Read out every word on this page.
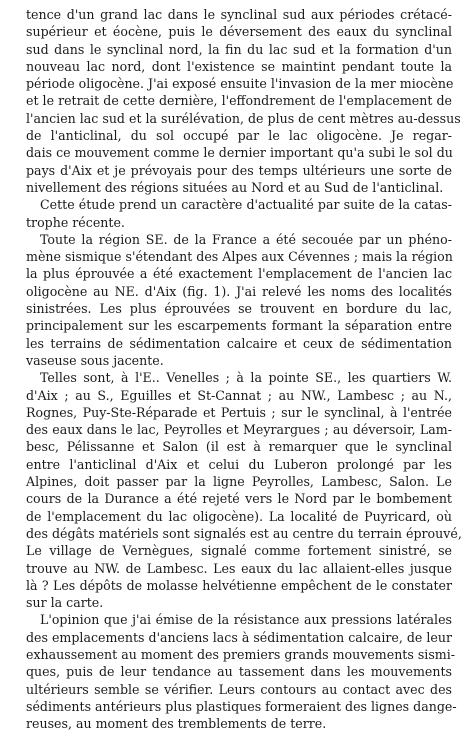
tence d'un grand lac dans le synclinal sud aux périodes crétacé-
supérieur et éocène, puis le déversement des eaux du synclinal
sud dans le synclinal nord, la fin du lac sud et la formation d'un
nouveau lac nord, dont l'existence se maintint pendant toute la
période oligocène. J'ai exposé ensuite l'invasion de la mer miocène
et le retrait de cette dernière, l'effondrement de l'emplacement de
l'ancien lac sud et la surélévation, de plus de cent mètres au-dessus
de l'anticlinal, du sol occupé par le lac oligocène. Je regar-
dais ce mouvement comme le dernier important qu'a subi le sol du
pays d'Aix et je prévoyais pour des temps ultérieurs une sorte de
nivellement des régions situées au Nord et au Sud de l'anticlinal.

Cette étude prend un caractère d'actualité par suite de la catas-
trophe récente.

Toute la région SE. de la France a été secouée par un phéno-
mène sismique s'étendant des Alpes aux Cévennes ; mais la région
la plus éprouvée a été exactement l'emplacement de l'ancien lac
oligocène au NE. d'Aix (fig. 1). J'ai relevé les noms des localités
sinistrées. Les plus éprouvées se trouvent en bordure du lac,
principalement sur les escarpements formant la séparation entre
les terrains de sédimentation calcaire et ceux de sédimentation
vaseuse sous jacente.

Telles sont, à l'E.. Venelles ; à la pointe SE., les quartiers W.
d'Aix ; au S., Eguilles et St-Cannat ; au NW., Lambesc ; au N.,
Rognes, Puy-Ste-Réparade et Pertuis ; sur le synclinal, à l'entrée
des eaux dans le lac, Peyrolles et Meyrargues ; au déversoir, Lam-
besc, Pélissanne et Salon (il est à remarquer que le synclinal
entre l'anticlinal d'Aix et celui du Luberon prolongé par les
Alpines, doit passer par la ligne Peyrolles, Lambesc, Salon. Le
cours de la Durance a été rejeté vers le Nord par le bombement
de l'emplacement du lac oligocène). La localité de Puyricard, où
des dégâts matériels sont signalés est au centre du terrain éprouvé,
Le village de Vernègues, signalé comme fortement sinistré, se
trouve au NW. de Lambesc. Les eaux du lac allaient-elles jusque
là ? Les dépôts de molasse helvétienne empêchent de le constater
sur la carte.

L'opinion que j'ai émise de la résistance aux pressions latérales
des emplacements d'anciens lacs à sédimentation calcaire, de leur
exhaussement au moment des premiers grands mouvements sismi-
ques, puis de leur tendance au tassement dans les mouvements
ultérieurs semble se vérifier. Leurs contours au contact avec des
sédiments antérieurs plus plastiques formeraient des lignes dange-
reuses, au moment des tremblements de terre.
